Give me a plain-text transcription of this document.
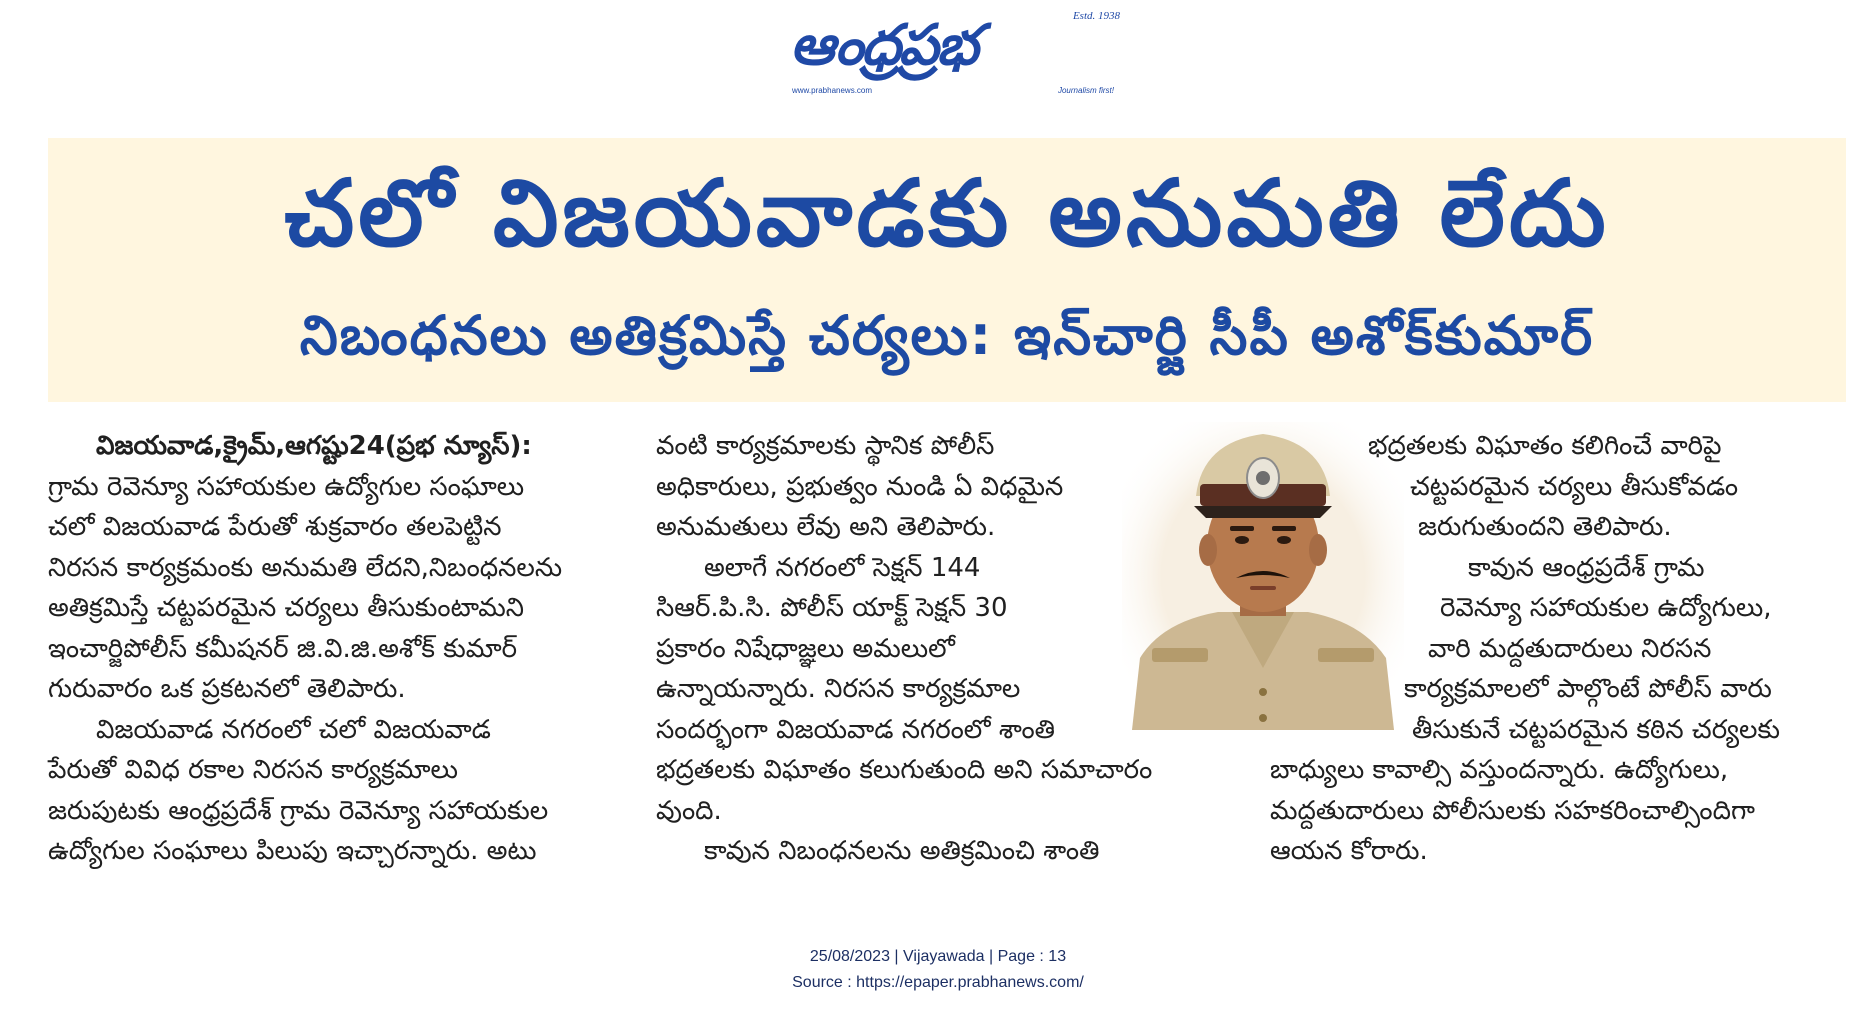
ఆంధ్రప్రభ	Estd. 1938
www.prabhanews.com	Journalism first!
చలో విజయవాడకు అనుమతి లేదు
నిబంధనలు అతిక్రమిస్తే చర్యలు: ఇన్‌చార్జి సీపీ అశోక్‌కుమార్

విజయవాడ,క్రైమ్,ఆగష్టు24(ప్రభ న్యూస్):

గ్రామ రెవెన్యూ సహాయకుల ఉద్యోగుల సంఘాలు

చలో విజయవాడ పేరుతో శుక్రవారం తలపెట్టిన

నిరసన కార్యక్రమంకు అనుమతి లేదని,నిబంధనలను

అతిక్రమిస్తే చట్టపరమైన చర్యలు తీసుకుంటామని

ఇంచార్జిపోలీస్ కమీషనర్ జి.వి.జి.అశోక్ కుమార్

గురువారం ఒక ప్రకటనలో తెలిపారు.

విజయవాడ నగరంలో చలో విజయవాడ

పేరుతో వివిధ రకాల నిరసన కార్యక్రమాలు

జరుపుటకు ఆంధ్రప్రదేశ్ గ్రామ రెవెన్యూ సహాయకుల

ఉద్యోగుల సంఘాలు పిలుపు ఇచ్చారన్నారు. అటు

వంటి కార్యక్రమాలకు స్థానిక పోలీస్

అధికారులు, ప్రభుత్వం నుండి ఏ విధమైన

అనుమతులు లేవు అని తెలిపారు.

అలాగే నగరంలో సెక్షన్ 144

సిఆర్.పి.సి. పోలీస్ యాక్ట్ సెక్షన్ 30

ప్రకారం నిషేధాజ్ఞలు అమలులో

ఉన్నాయన్నారు. నిరసన కార్యక్రమాల

సందర్భంగా విజయవాడ నగరంలో శాంతి

భద్రతలకు విఘాతం కలుగుతుంది అని సమాచారం

వుంది.

కావున నిబంధనలను అతిక్రమించి శాంతి

భద్రతలకు విఘాతం కలిగించే వారిపై

చట్టపరమైన చర్యలు తీసుకోవడం

జరుగుతుందని తెలిపారు.

కావున ఆంధ్రప్రదేశ్ గ్రామ

రెవెన్యూ సహాయకుల ఉద్యోగులు,

వారి మద్దతుదారులు నిరసన

కార్యక్రమాలలో పాల్గొంటే పోలీస్ వారు

తీసుకునే చట్టపరమైన కఠిన చర్యలకు

బాధ్యులు కావాల్సి వస్తుందన్నారు. ఉద్యోగులు,

మద్దతుదారులు పోలీసులకు సహకరించాల్సిందిగా

ఆయన కోరారు.

25/08/2023 | Vijayawada | Page : 13
Source : https://epaper.prabhanews.com/
